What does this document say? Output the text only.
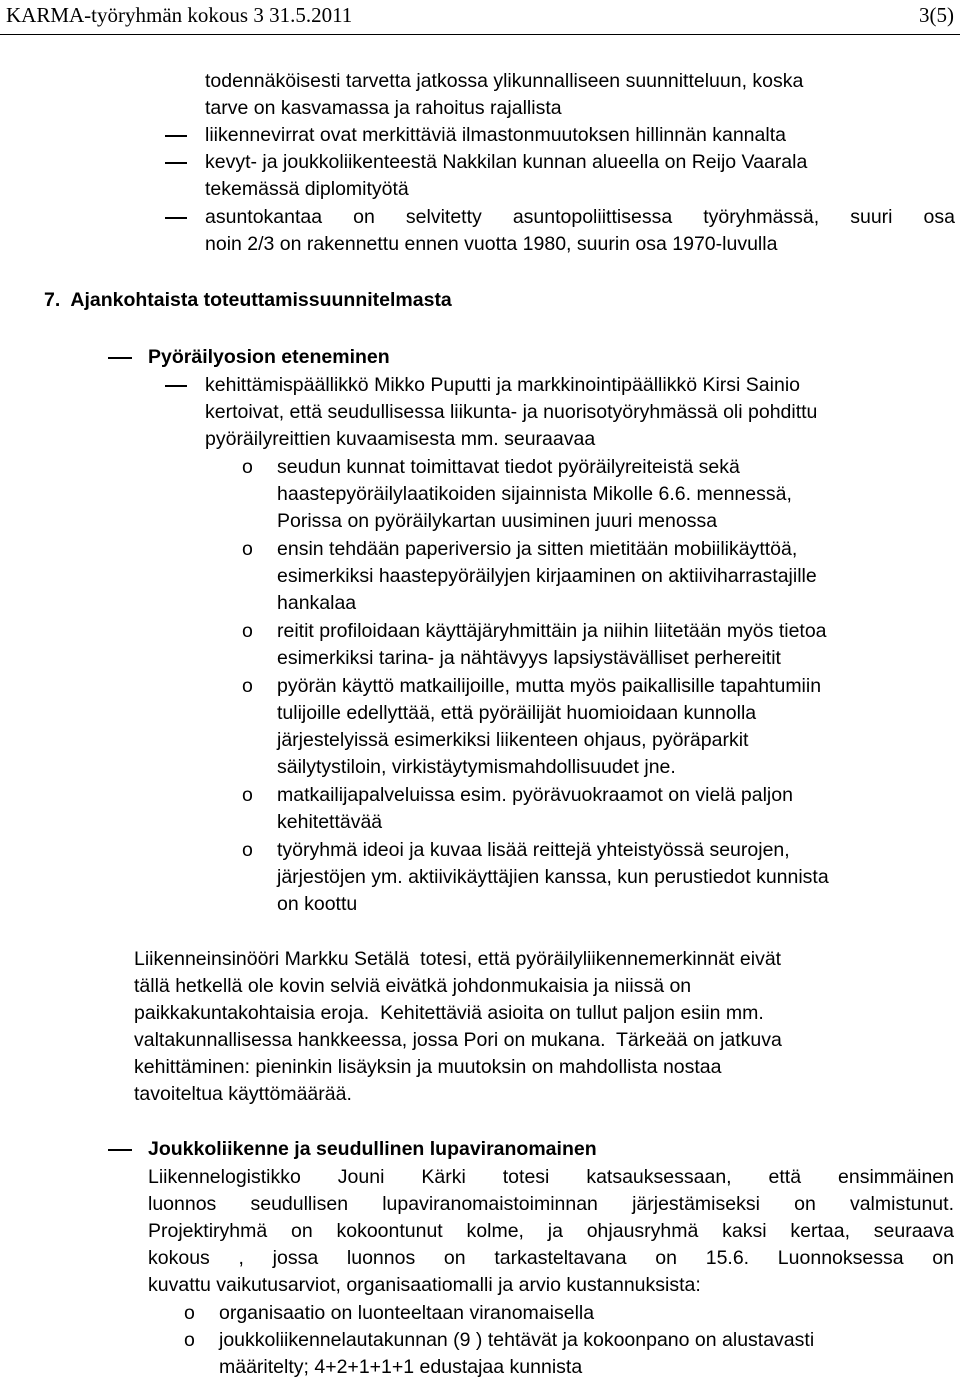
KARMA-työryhmän kokous 3 31.5.2011	3(5)
todennäköisesti tarvetta jatkossa ylikunnalliseen suunnitteluun, koska
tarve on kasvamassa ja rahoitus rajallista
liikennevirrat ovat merkittäviä ilmastonmuutoksen hillinnän kannalta
kevyt- ja joukkoliikenteestä Nakkilan kunnan alueella on Reijo Vaarala
tekemässä diplomityötä
asuntokantaa on selvitetty asuntopoliittisessa työryhmässä, suuri osa
noin 2/3 on rakennettu ennen vuotta 1980, suurin osa 1970-luvulla
7.  Ajankohtaista toteuttamissuunnitelmasta
Pyöräilyosion eteneminen
kehittämispäällikkö Mikko Puputti ja markkinointipäällikkö Kirsi Sainio
kertoivat, että seudullisessa liikunta- ja nuorisotyöryhmässä oli pohdittu
pyöräilyreittien kuvaamisesta mm. seuraavaa
o seudun kunnat toimittavat tiedot pyöräilyreiteistä sekä
haastepyöräilylaatikoiden sijainnista Mikolle 6.6. mennessä,
Porissa on pyöräilykartan uusiminen juuri menossa
o ensin tehdään paperiversio ja sitten mietitään mobiilikäyttöä,
esimerkiksi haastepyöräilyjen kirjaaminen on aktiiviharrastajille
hankalaa
o reitit profiloidaan käyttäjäryhmittäin ja niihin liitetään myös tietoa
esimerkiksi tarina- ja nähtävyys lapsiystävälliset perhereitit
o pyörän käyttö matkailijoille, mutta myös paikallisille tapahtumiin
tulijoille edellyttää, että pyöräilijät huomioidaan kunnolla
järjestelyissä esimerkiksi liikenteen ohjaus, pyöräparkit
säilytystiloin, virkistäytymismahdollisuudet jne.
o matkailijapalveluissa esim. pyörävuokraamot on vielä paljon
kehitettävää
o työryhmä ideoi ja kuvaa lisää reittejä yhteistyössä seurojen,
järjestöjen ym. aktiivikäyttäjien kanssa, kun perustiedot kunnista
on koottu
Liikenneinsinööri Markku Setälä  totesi, että pyöräilyliikennemerkinnät eivät
tällä hetkellä ole kovin selviä eivätkä johdonmukaisia ja niissä on
paikkakuntakohtaisia eroja.  Kehitettäviä asioita on tullut paljon esiin mm.
valtakunnallisessa hankkeessa, jossa Pori on mukana.  Tärkeää on jatkuva
kehittäminen: pieninkin lisäyksin ja muutoksin on mahdollista nostaa
tavoiteltua käyttömäärää.
Joukkoliikenne ja seudullinen lupaviranomainen
Liikennelogistikko Jouni Kärki totesi katsauksessaan, että ensimmäinen
luonnos seudullisen lupaviranomaistoiminnan järjestämiseksi on valmistunut.
Projektiryhmä on kokoontunut kolme, ja ohjausryhmä kaksi kertaa, seuraava
kokous , jossa luonnos on tarkasteltavana on 15.6. Luonnoksessa on
kuvattu vaikutusarviot, organisaatiomalli ja arvio kustannuksista:
o organisaatio on luonteeltaan viranomaisella
o joukkoliikennelautakunnan (9 ) tehtävät ja kokoonpano on alustavasti
määritelty; 4+2+1+1+1 edustajaa kunnista
